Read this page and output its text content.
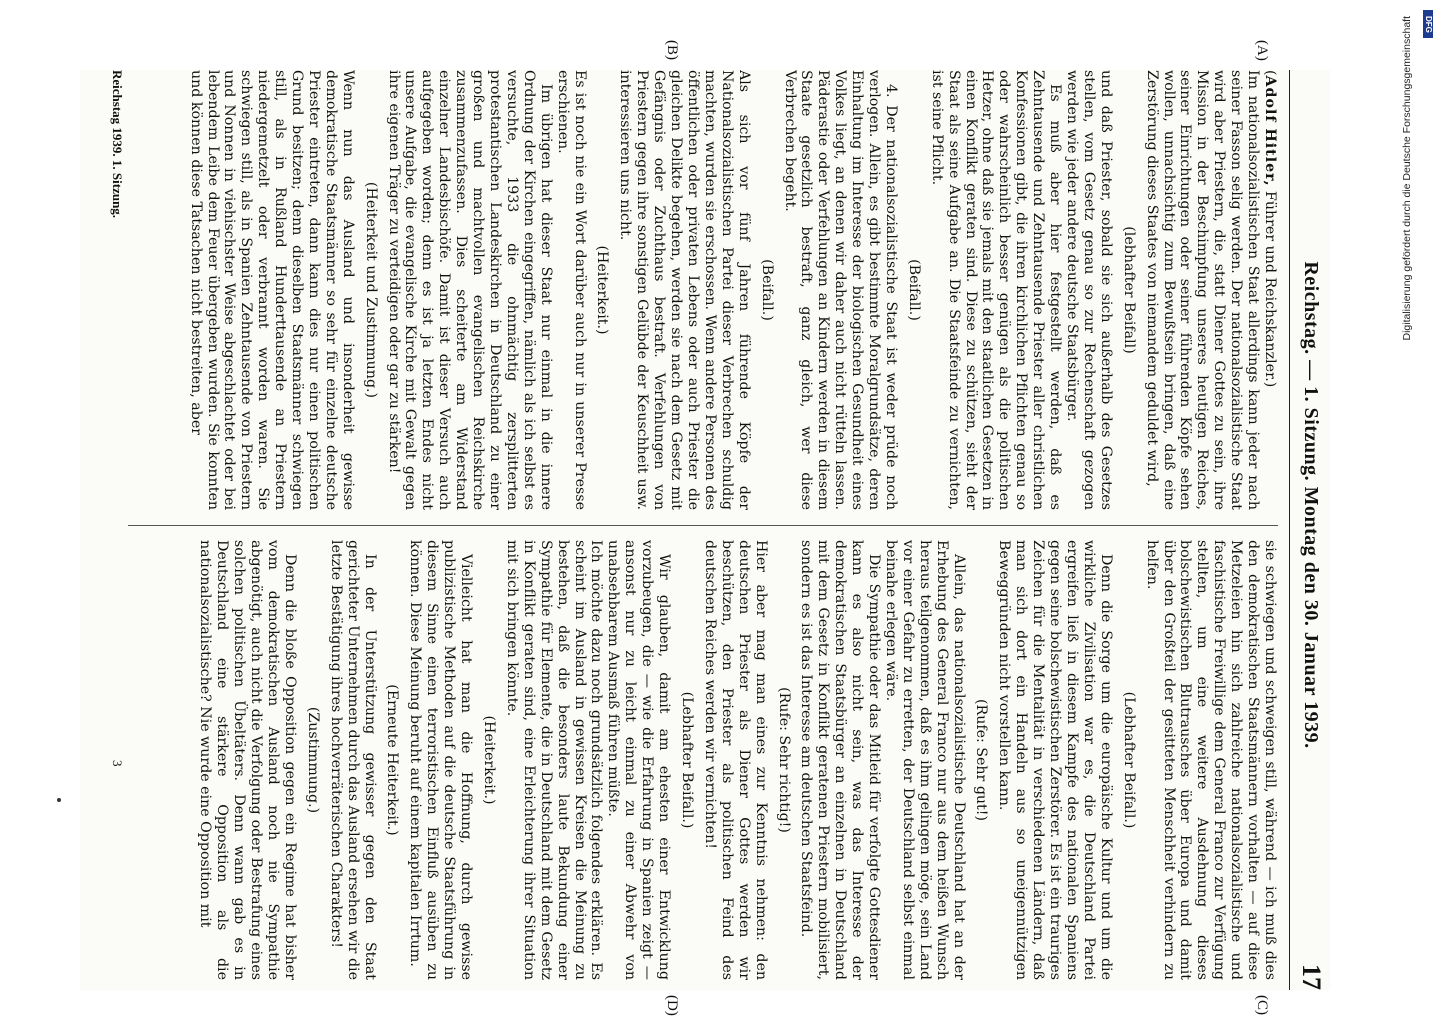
Reichstag. — 1. Sitzung. Montag den 30. Januar 1939.
17

(Adolf Hitler, Führer und Reichskanzler.)

Im nationalsozialistischen Staat allerdings kann jeder nach seiner Fasson selig werden. Der nationalsozialistische Staat wird aber Priestern, die, statt Diener Gottes zu sein, ihre Mission in der Beschimpfung unseres heutigen Reiches, seiner Einrichtungen oder seiner führenden Köpfe sehen wollen, unnachsichtig zum Bewußtsein bringen, daß eine Zerstörung dieses Staates von niemandem geduldet wird,

(lebhafter Beifall)

und daß Priester, sobald sie sich außerhalb des Gesetzes stellen, vom Gesetz genau so zur Rechenschaft gezogen werden wie jeder andere deutsche Staatsbürger.

Es muß aber hier festgestellt werden, daß es Zehntausende und Zehntausende Priester aller christlichen Konfessionen gibt, die ihren kirchlichen Pflichten genau so oder wahrscheinlich besser genügen als die politischen Hetzer, ohne daß sie jemals mit den staatlichen Gesetzen in einen Konflikt geraten sind. Diese zu schützen, sieht der Staat als seine Aufgabe an. Die Staatsfeinde zu vernichten, ist seine Pflicht.

(Beifall.)

4. Der nationalsozialistische Staat ist weder prüde noch verlogen. Allein, es gibt bestimmte Moralgrundsätze, deren Einhaltung im Interesse der biologischen Gesundheit eines Volkes liegt, an denen wir daher auch nicht rütteln lassen. Päderastie oder Verfehlungen an Kindern werden in diesem Staate gesetzlich bestraft, ganz gleich, wer diese Verbrechen begeht.

(Beifall.)

Als sich vor fünf Jahren führende Köpfe der Nationalsozialistischen Partei dieser Verbrechen schuldig machten, wurden sie erschossen. Wenn andere Personen des öffentlichen oder privaten Lebens oder auch Priester die gleichen Delikte begehen, werden sie nach dem Gesetz mit Gefängnis oder Zuchthaus bestraft. Verfehlungen von Priestern gegen ihre sonstigen Gelübde der Keuschheit usw. interessieren uns nicht.

(Heiterkeit.)

Es ist noch nie ein Wort darüber auch nur in unserer Presse erschienen.

Im übrigen hat dieser Staat nur einmal in die innere Ordnung der Kirchen eingegriffen, nämlich als ich selbst es versuchte, 1933 die ohnmächtig zersplitterten protestantischen Landeskirchen in Deutschland zu einer großen und machtvollen evangelischen Reichskirche zusammenzufassen. Dies scheiterte am Widerstand einzelner Landesbischöfe. Damit ist dieser Versuch auch aufgegeben worden; denn es ist ja letzten Endes nicht unsere Aufgabe, die evangelische Kirche mit Gewalt gegen ihre eigenen Träger zu verteidigen oder gar zu stärken!

(Heiterkeit und Zustimmung.)

Wenn nun das Ausland und insonderheit gewisse demokratische Staatsmänner so sehr für einzelne deutsche Priester eintreten, dann kann dies nur einen politischen Grund besitzen; denn dieselben Staatsmänner schwiegen still, als in Rußland Hunderttausende an Priestern niedergemetzelt oder verbrannt worden waren. Sie schwiegen still, als in Spanien Zehntausende von Priestern und Nonnen in viehischster Weise abgeschlachtet oder bei lebendem Leibe dem Feuer übergeben wurden. Sie konnten und können diese Tatsachen nicht bestreiten, aber

sie schwiegen und schweigen still, während — ich muß dies den demokratischen Staatsmännern vorhalten — auf diese Metzeleien hin sich zahlreiche nationalsozialistische und faschistische Freiwillige dem General Franco zur Verfügung stellten, um eine weitere Ausdehnung dieses bolschewistischen Blutrausches über Europa und damit über den Großteil der gesitteten Menschheit verhindern zu helfen.

(Lebhafter Beifall.)

Denn die Sorge um die europäische Kultur und um die wirkliche Zivilisation war es, die Deutschland Partei ergreifen ließ in diesem Kampfe des nationalen Spaniens gegen seine bolschewistischen Zerstörer. Es ist ein trauriges Zeichen für die Mentalität in verschiedenen Ländern, daß man sich dort ein Handeln aus so uneigennützigen Beweggründen nicht vorstellen kann.

(Rufe: Sehr gut!)

Allein, das nationalsozialistische Deutschland hat an der Erhebung des General Franco nur aus dem heißen Wunsch heraus teilgenommen, daß es ihm gelingen möge, sein Land vor einer Gefahr zu erretten, der Deutschland selbst einmal beinahe erlegen wäre.

Die Sympathie oder das Mitleid für verfolgte Gottesdiener kann es also nicht sein, was das Interesse der demokratischen Staatsbürger an einzelnen in Deutschland mit dem Gesetz in Konflikt geratenen Priestern mobilisiert, sondern es ist das Interesse am deutschen Staatsfeind.

(Rufe: Sehr richtig!)

Hier aber mag man eines zur Kenntnis nehmen: den deutschen Priester als Diener Gottes werden wir beschützen, den Priester als politischen Feind des deutschen Reiches werden wir vernichten!

(Lebhafter Beifall.)

Wir glauben, damit am ehesten einer Entwicklung vorzubeugen, die — wie die Erfahrung in Spanien zeigt — ansonst nur zu leicht einmal zu einer Abwehr von unabsehbarem Ausmaß führen müßte.

Ich möchte dazu noch grundsätzlich folgendes erklären. Es scheint im Ausland in gewissen Kreisen die Meinung zu bestehen, daß die besonders laute Bekundung einer Sympathie für Elemente, die in Deutschland mit dem Gesetz in Konflikt geraten sind, eine Erleichterung ihrer Situation mit sich bringen könnte.

(Heiterkeit.)

Vielleicht hat man die Hoffnung, durch gewisse publizistische Methoden auf die deutsche Staatsführung in diesem Sinne einen terroristischen Einfluß ausüben zu können. Diese Meinung beruht auf einem kapitalen Irrtum.

(Erneute Heiterkeit.)

In der Unterstützung gewisser gegen den Staat gerichteter Unternehmen durch das Ausland ersehen wir die letzte Bestätigung ihres hochverräterischen Charakters!

(Zustimmung.)

Denn die bloße Opposition gegen ein Regime hat bisher vom demokratischen Ausland noch nie Sympathie abgenötigt, auch nicht die Verfolgung oder Bestrafung eines solchen politischen Übeltäters. Denn wann gab es in Deutschland eine stärkere Opposition als die nationalsozialistische? Nie wurde eine Opposition mit

(A)
(B)
(C)
(D)
Reichstag 1939. 1. Sitzung.
3
Digitalisierung gefördert durch die Deutsche Forschungsgemeinschaft	DFG
